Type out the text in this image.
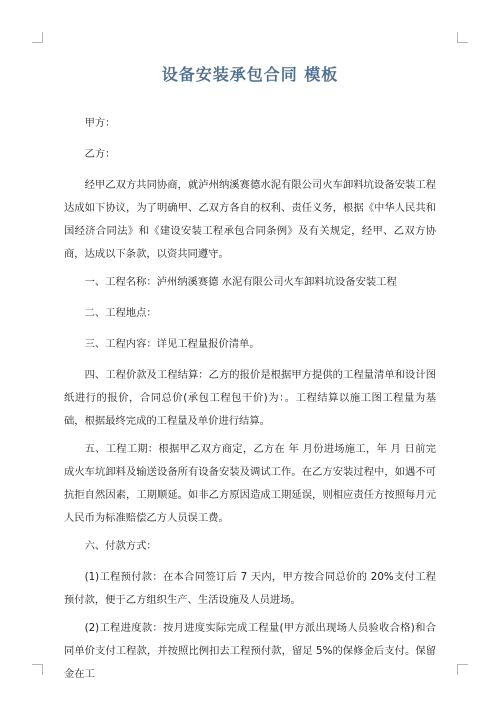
设备安装承包合同 模板

甲方：

乙方：

经甲乙双方共同协商，就泸州纳溪赛德水泥有限公司火车卸料坑设备安装工程达成如下协议，为了明确甲、乙双方各自的权利、责任义务，根据《中华人民共和国经济合同法》和《建设安装工程承包合同条例》及有关规定，经甲、乙双方协商，达成以下条款，以资共同遵守。

一、工程名称：泸州纳溪赛德 水泥有限公司火车卸料坑设备安装工程

二、工程地点：

三、工程内容：详见工程量报价清单。

四、工程价款及工程结算：乙方的报价是根据甲方提供的工程量清单和设计图纸进行的报价，合同总价(承包工程包干价)为：。工程结算以施工图工程量为基础，根据最终完成的工程量及单价进行结算。

五、工程工期：根据甲乙双方商定，乙方在 年 月份进场施工，年 月 日前完成火车坑卸料及输送设备所有设备安装及调试工作。在乙方安装过程中，如遇不可抗拒自然因素，工期顺延。如非乙方原因造成工期延误，则相应责任方按照每月元人民币为标准赔偿乙方人员误工费。

六、付款方式：

(1)工程预付款：在本合同签订后 7 天内，甲方按合同总价的 20%支付工程预付款，便于乙方组织生产、生活设施及人员进场。

(2)工程进度款：按月进度实际完成工程量(甲方派出现场人员验收合格)和合同单价支付工程款，并按照比例扣去工程预付款，留足 5%的保修金后支付。保留金在工
